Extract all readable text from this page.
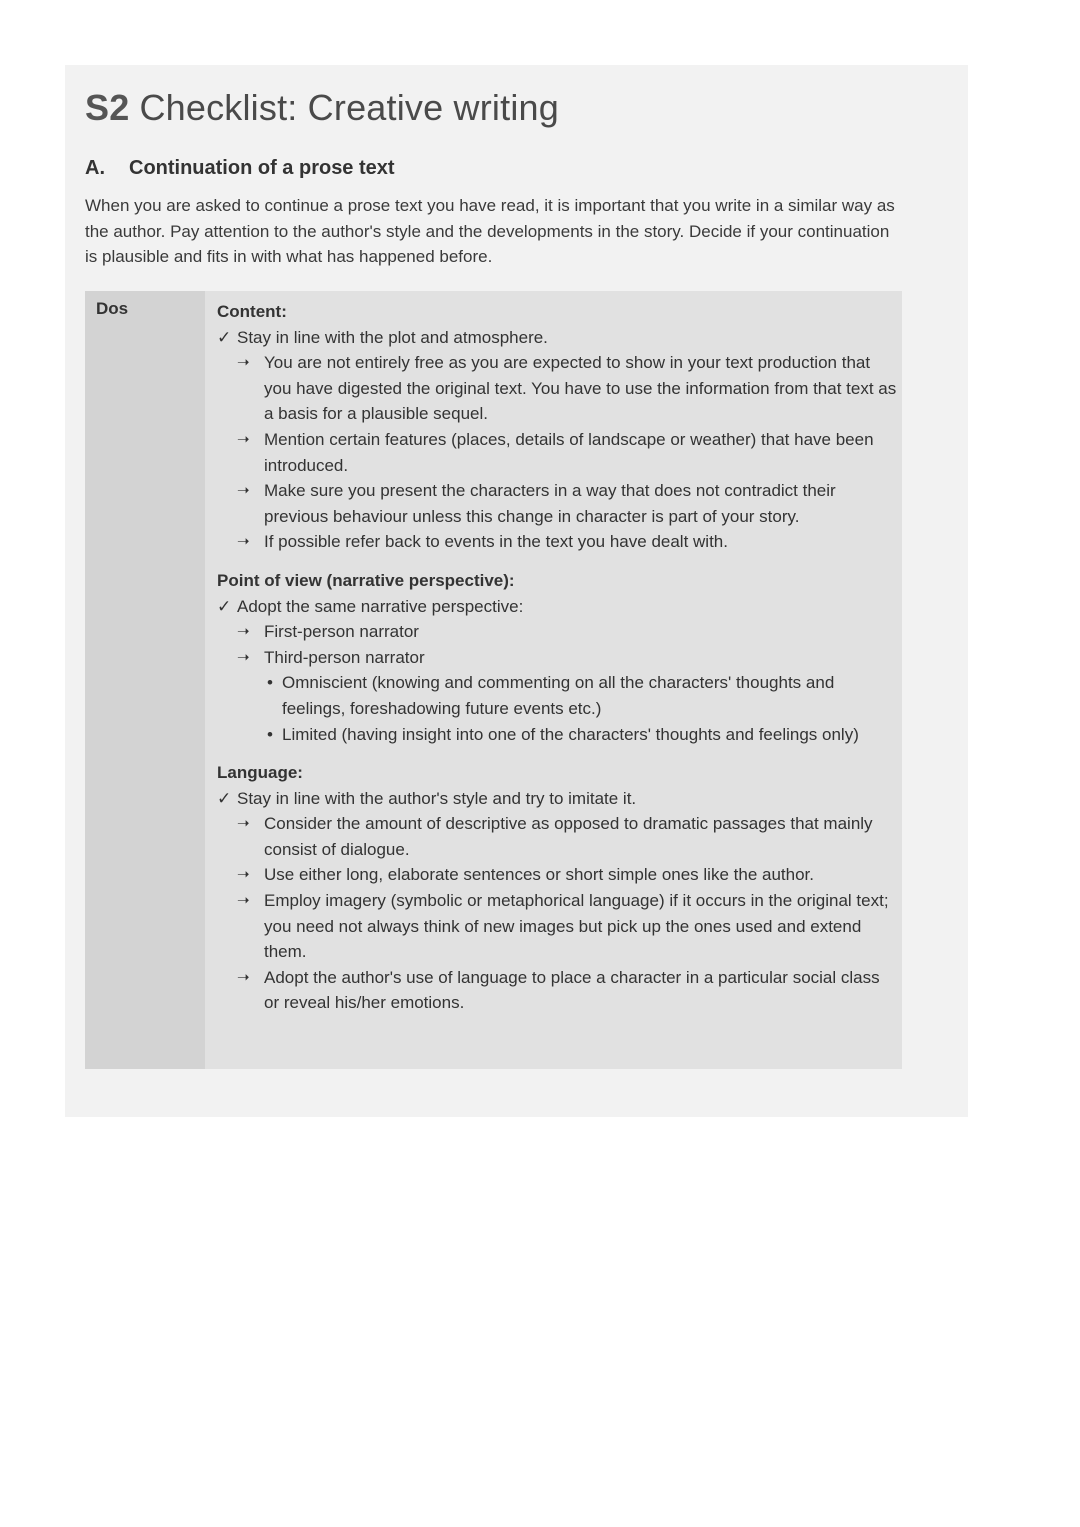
S2 Checklist: Creative writing
A. Continuation of a prose text

When you are asked to continue a prose text you have read, it is important that you write in a similar way as the author. Pay attention to the author's style and the developments in the story. Decide if your continuation is plausible and fits in with what has happened before.

Dos	Content:

✓ Stay in line with the plot and atmosphere.

➝ You are not entirely free as you are expected to show in your text production that you have digested the original text. You have to use the information from that text as a basis for a plausible sequel.
➝ Mention certain features (places, details of landscape or weather) that have been introduced.
➝ Make sure you present the characters in a way that does not contradict their previous behaviour unless this change in character is part of your story.
➝ If possible refer back to events in the text you have dealt with.

Point of view (narrative perspective):

✓ Adopt the same narrative perspective:

➝ First-person narrator
➝ Third-person narrator
• Omniscient (knowing and commenting on all the characters' thoughts and feelings, foreshadowing future events etc.)
• Limited (having insight into one of the characters' thoughts and feelings only)

Language:

✓ Stay in line with the author's style and try to imitate it.

➝ Consider the amount of descriptive as opposed to dramatic passages that mainly consist of dialogue.
➝ Use either long, elaborate sentences or short simple ones like the author.
➝ Employ imagery (symbolic or metaphorical language) if it occurs in the original text; you need not always think of new images but pick up the ones used and extend them.
➝ Adopt the author's use of language to place a character in a particular social class or reveal his/her emotions.
